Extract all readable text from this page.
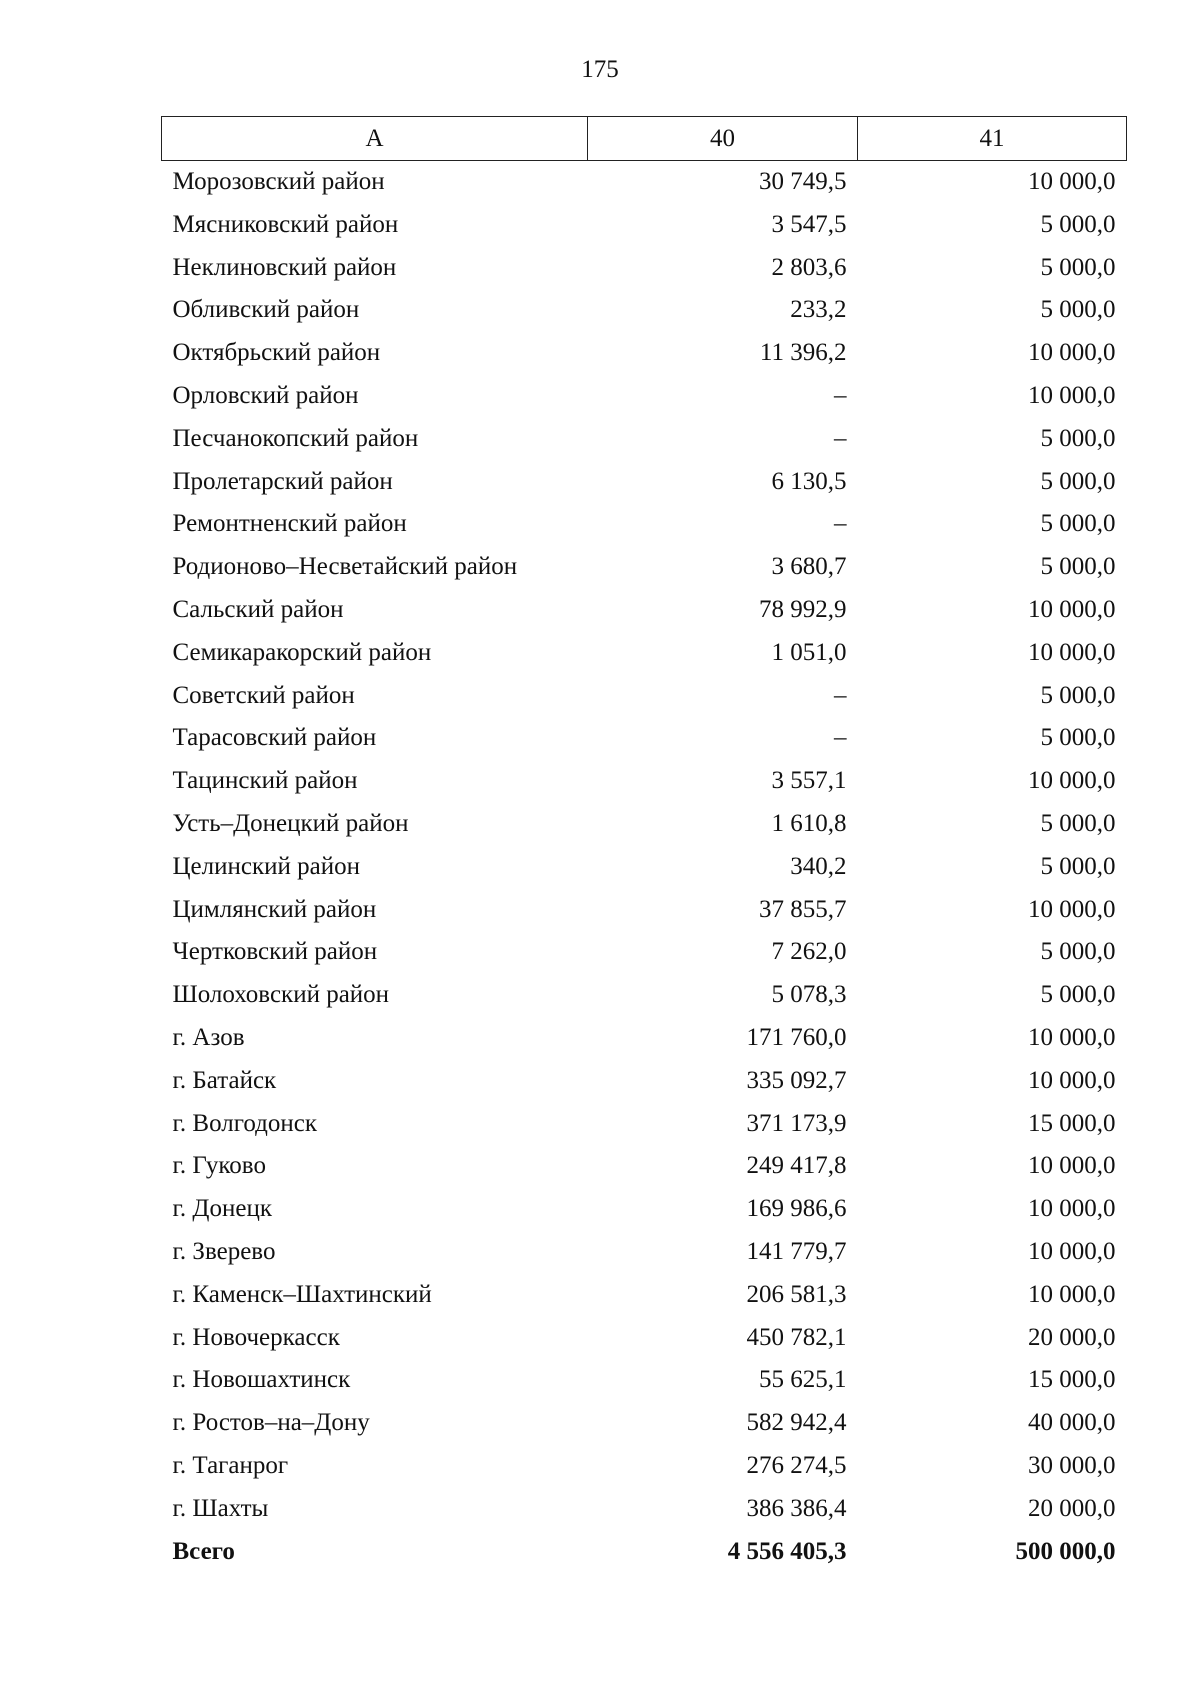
175
А	40	41
Морозовский район	30 749,5	10 000,0
Мясниковский район	3 547,5	5 000,0
Неклиновский район	2 803,6	5 000,0
Обливский район	233,2	5 000,0
Октябрьский район	11 396,2	10 000,0
Орловский район	–	10 000,0
Песчанокопский район	–	5 000,0
Пролетарский район	6 130,5	5 000,0
Ремонтненский район	–	5 000,0
Родионово–Несветайский район	3 680,7	5 000,0
Сальский район	78 992,9	10 000,0
Семикаракорский район	1 051,0	10 000,0
Советский район	–	5 000,0
Тарасовский район	–	5 000,0
Тацинский район	3 557,1	10 000,0
Усть–Донецкий район	1 610,8	5 000,0
Целинский район	340,2	5 000,0
Цимлянский район	37 855,7	10 000,0
Чертковский район	7 262,0	5 000,0
Шолоховский район	5 078,3	5 000,0
г. Азов	171 760,0	10 000,0
г. Батайск	335 092,7	10 000,0
г. Волгодонск	371 173,9	15 000,0
г. Гуково	249 417,8	10 000,0
г. Донецк	169 986,6	10 000,0
г. Зверево	141 779,7	10 000,0
г. Каменск–Шахтинский	206 581,3	10 000,0
г. Новочеркасск	450 782,1	20 000,0
г. Новошахтинск	55 625,1	15 000,0
г. Ростов–на–Дону	582 942,4	40 000,0
г. Таганрог	276 274,5	30 000,0
г. Шахты	386 386,4	20 000,0
Всего	4 556 405,3	500 000,0
